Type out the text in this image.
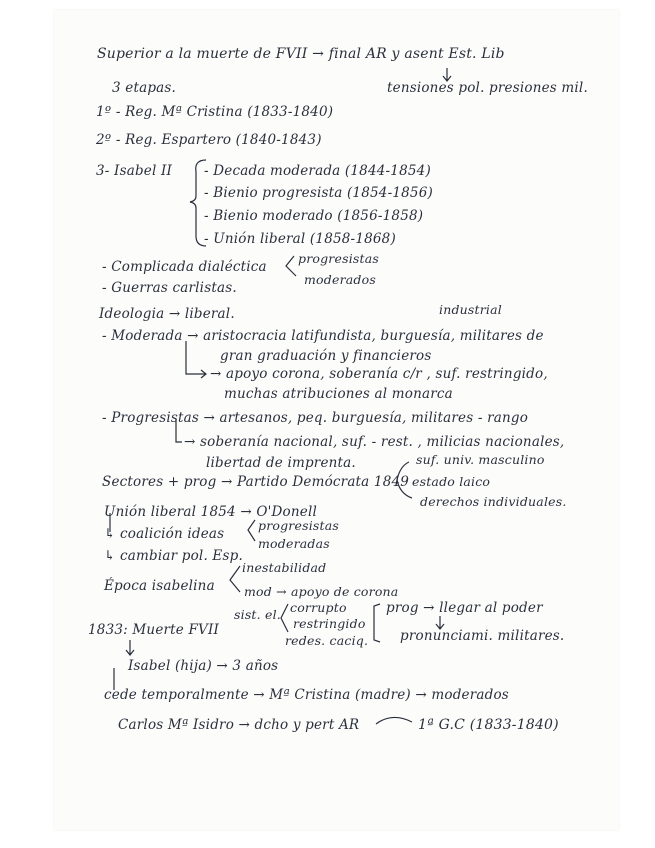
Superior a la muerte de FVII → final AR y asent Est. Lib
3 etapas.	tensiones pol. presiones mil.
1º - Reg. Mª Cristina (1833-1840)
2º - Reg. Espartero (1840-1843)
3- Isabel II - Decada moderada (1844-1854)
- Bienio progresista (1854-1856)
- Bienio moderado (1856-1858)
- Unión liberal (1858-1868)
- Complicada dialéctica
progresistas
moderados
- Guerras carlistas.
Ideologia → liberal.	industrial
- Moderada → aristocracia latifundista, burguesía, militares de
gran graduación y financieros
→ apoyo corona, soberanía c/r , suf. restringido,
muchas atribuciones al monarca
- Progresistas → artesanos, peq. burguesía, militares - rango
→ soberanía nacional, suf. - rest. , milicias nacionales,
libertad de imprenta.	suf. univ. masculino
Sectores + prog → Partido Demócrata 1849 estado laico
derechos individuales.
Unión liberal 1854 → O'Donell
↳ coalición ideas
progresistas
moderadas
↳ cambiar pol. Esp.
inestabilidad
Época isabelina mod → apoyo de corona
sist. el. corrupto
restringido
redes. caciq.
prog → llegar al poder
1833: Muerte FVII	pronunciami. militares.
Isabel (hija) → 3 años
cede temporalmente → Mª Cristina (madre) → moderados
Carlos Mª Isidro → dcho y pert AR	1ª G.C (1833-1840)
